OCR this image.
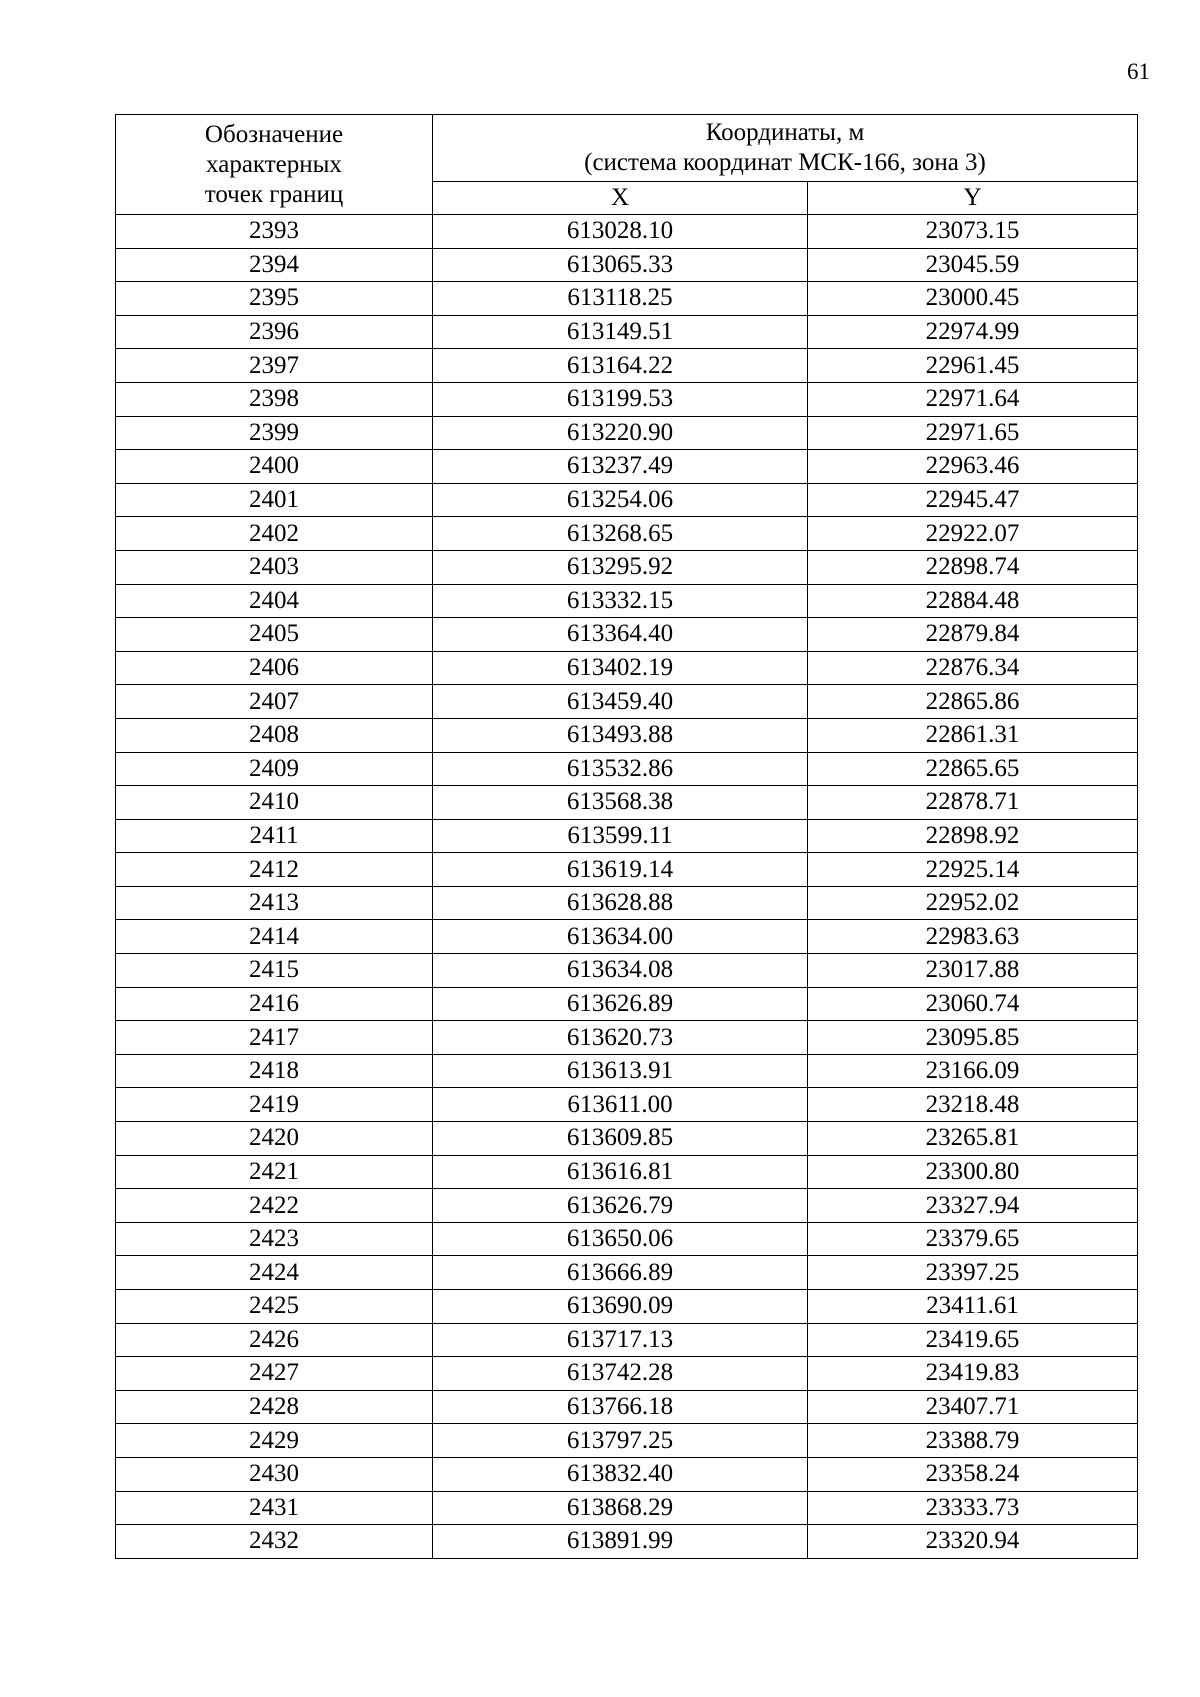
61
Обозначение
характерных
точек границ	Координаты, м
(система координат МСК-166, зона 3)	

	X	Y
2393	613028.10	23073.15
2394	613065.33	23045.59
2395	613118.25	23000.45
2396	613149.51	22974.99
2397	613164.22	22961.45
2398	613199.53	22971.64
2399	613220.90	22971.65
2400	613237.49	22963.46
2401	613254.06	22945.47
2402	613268.65	22922.07
2403	613295.92	22898.74
2404	613332.15	22884.48
2405	613364.40	22879.84
2406	613402.19	22876.34
2407	613459.40	22865.86
2408	613493.88	22861.31
2409	613532.86	22865.65
2410	613568.38	22878.71
2411	613599.11	22898.92
2412	613619.14	22925.14
2413	613628.88	22952.02
2414	613634.00	22983.63
2415	613634.08	23017.88
2416	613626.89	23060.74
2417	613620.73	23095.85
2418	613613.91	23166.09
2419	613611.00	23218.48
2420	613609.85	23265.81
2421	613616.81	23300.80
2422	613626.79	23327.94
2423	613650.06	23379.65
2424	613666.89	23397.25
2425	613690.09	23411.61
2426	613717.13	23419.65
2427	613742.28	23419.83
2428	613766.18	23407.71
2429	613797.25	23388.79
2430	613832.40	23358.24
2431	613868.29	23333.73
2432	613891.99	23320.94
